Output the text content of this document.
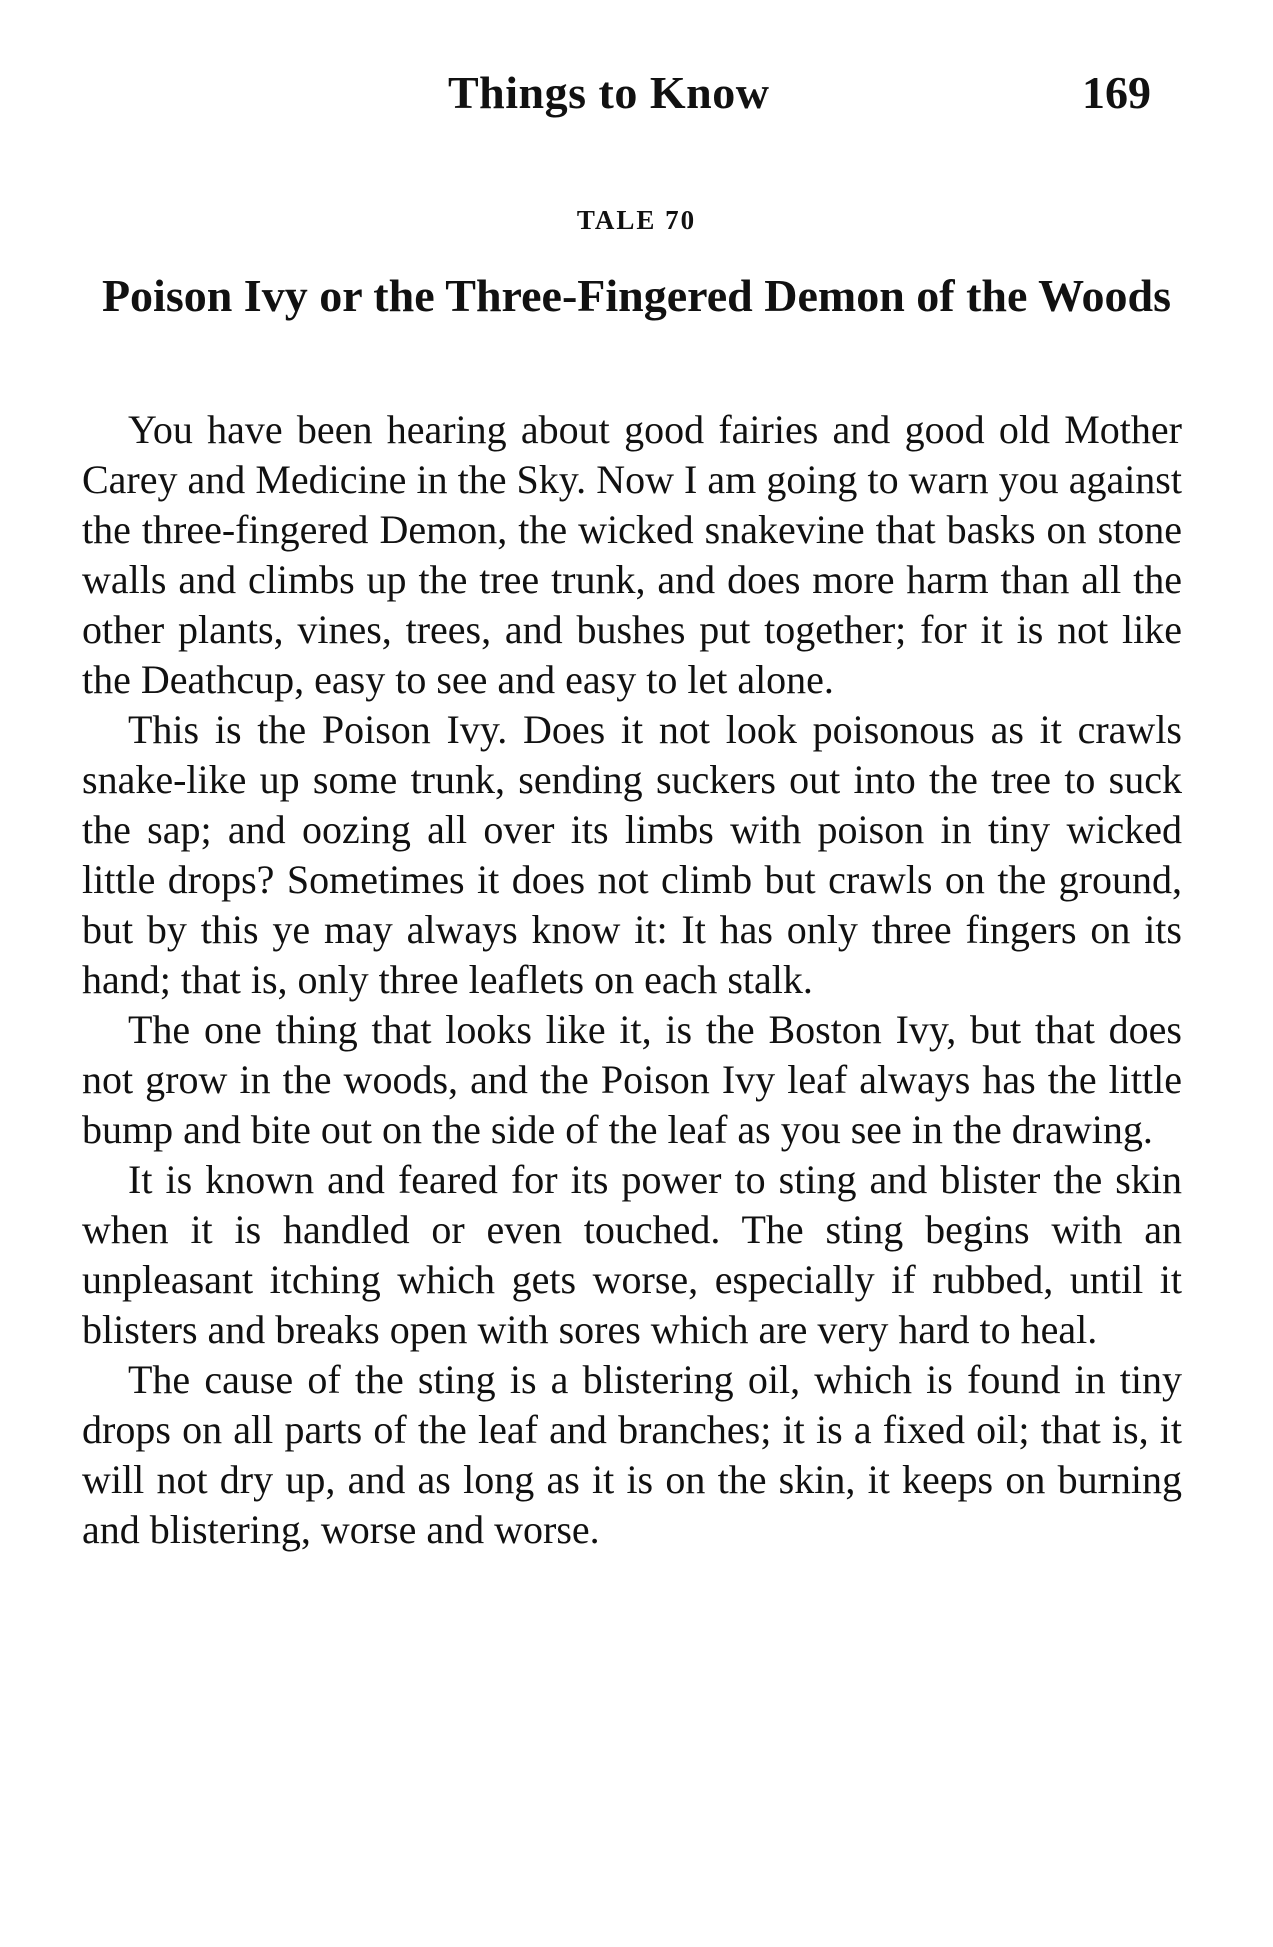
Things to Know	169
TALE 70
Poison Ivy or the Three-Fingered Demon of the Woods

You have been hearing about good fairies and good old Mother Carey and Medicine in the Sky. Now I am going to warn you against the three-fingered Demon, the wicked snakevine that basks on stone walls and climbs up the tree trunk, and does more harm than all the other plants, vines, trees, and bushes put together; for it is not like the Deathcup, easy to see and easy to let alone.

This is the Poison Ivy. Does it not look poisonous as it crawls snake-like up some trunk, sending suckers out into the tree to suck the sap; and oozing all over its limbs with poison in tiny wicked little drops? Sometimes it does not climb but crawls on the ground, but by this ye may always know it: It has only three fingers on its hand; that is, only three leaflets on each stalk.

The one thing that looks like it, is the Boston Ivy, but that does not grow in the woods, and the Poison Ivy leaf always has the little bump and bite out on the side of the leaf as you see in the drawing.

It is known and feared for its power to sting and blister the skin when it is handled or even touched. The sting begins with an unpleasant itching which gets worse, especially if rubbed, until it blisters and breaks open with sores which are very hard to heal.

The cause of the sting is a blistering oil, which is found in tiny drops on all parts of the leaf and branches; it is a fixed oil; that is, it will not dry up, and as long as it is on the skin, it keeps on burning and blistering, worse and worse.
